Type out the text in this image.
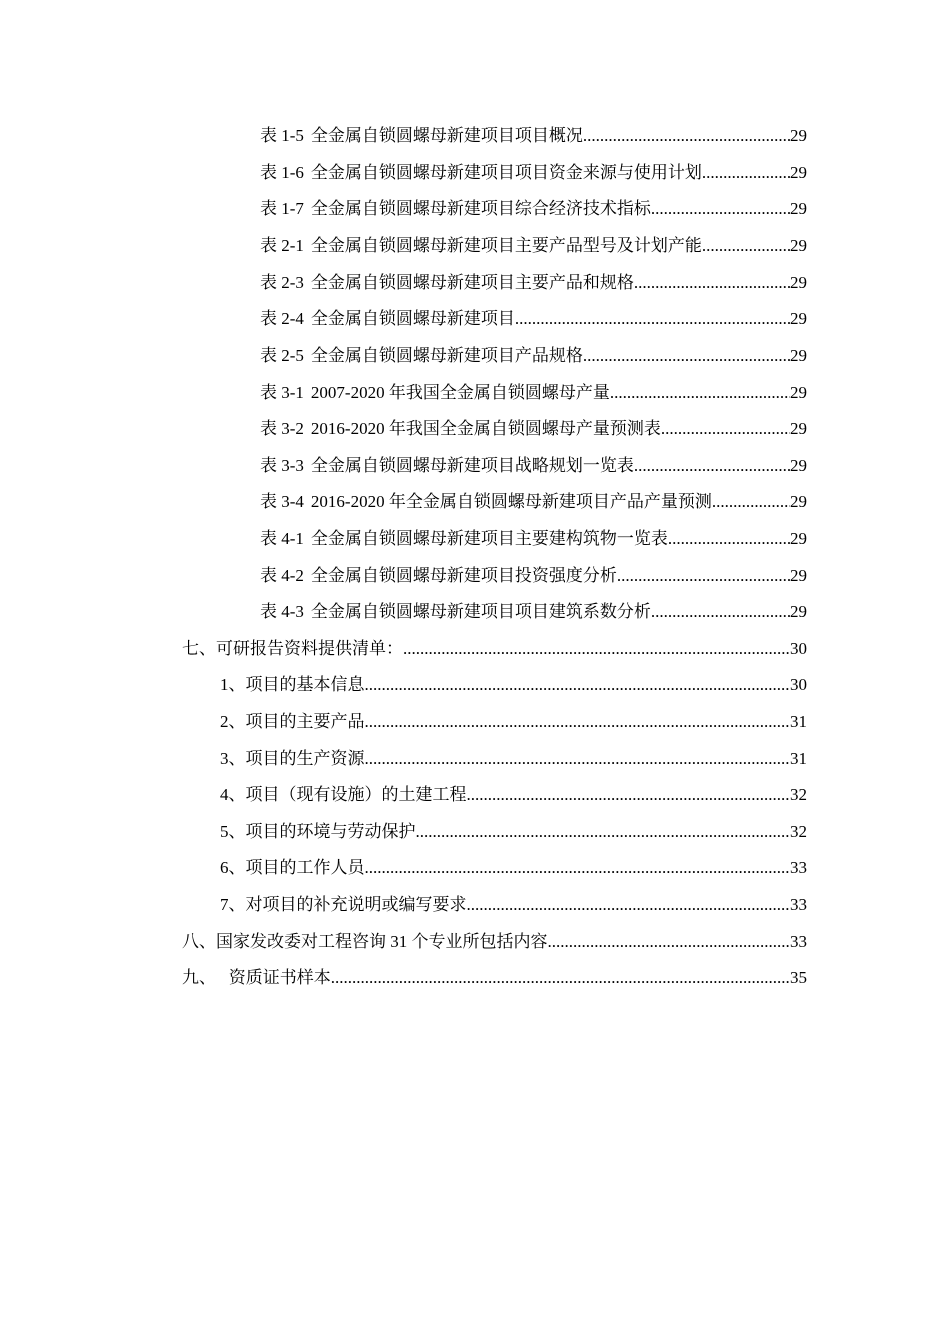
表 1-5 全金属自锁圆螺母新建项目项目概况 .....	29
表 1-6 全金属自锁圆螺母新建项目项目资金来源与使用计划 .....	29
表 1-7 全金属自锁圆螺母新建项目综合经济技术指标 .....	29
表 2-1 全金属自锁圆螺母新建项目主要产品型号及计划产能 .....	29
表 2-3 全金属自锁圆螺母新建项目主要产品和规格 .....	29
表 2-4 全金属自锁圆螺母新建项目 .....	29
表 2-5 全金属自锁圆螺母新建项目产品规格 .....	29
表 3-1 2007-2020 年我国全金属自锁圆螺母产量 .....	29
表 3-2 2016-2020 年我国全金属自锁圆螺母产量预测表 .....	29
表 3-3 全金属自锁圆螺母新建项目战略规划一览表 .....	29
表 3-4 2016-2020 年全金属自锁圆螺母新建项目产品产量预测 .....	29
表 4-1 全金属自锁圆螺母新建项目主要建构筑物一览表 .....	29
表 4-2 全金属自锁圆螺母新建项目投资强度分析 .....	29
表 4-3 全金属自锁圆螺母新建项目项目建筑系数分析 .....	29
七、可研报告资料提供清单： .....	30
1、项目的基本信息 .....	30
2、项目的主要产品 .....	31
3、项目的生产资源 .....	31
4、项目（现有设施）的土建工程 .....	32
5、项目的环境与劳动保护 .....	32
6、项目的工作人员 .....	33
7、对项目的补充说明或编写要求 .....	33
八、国家发改委对工程咨询 31 个专业所包括内容 .....	33
九、   资质证书样本 .....	35
